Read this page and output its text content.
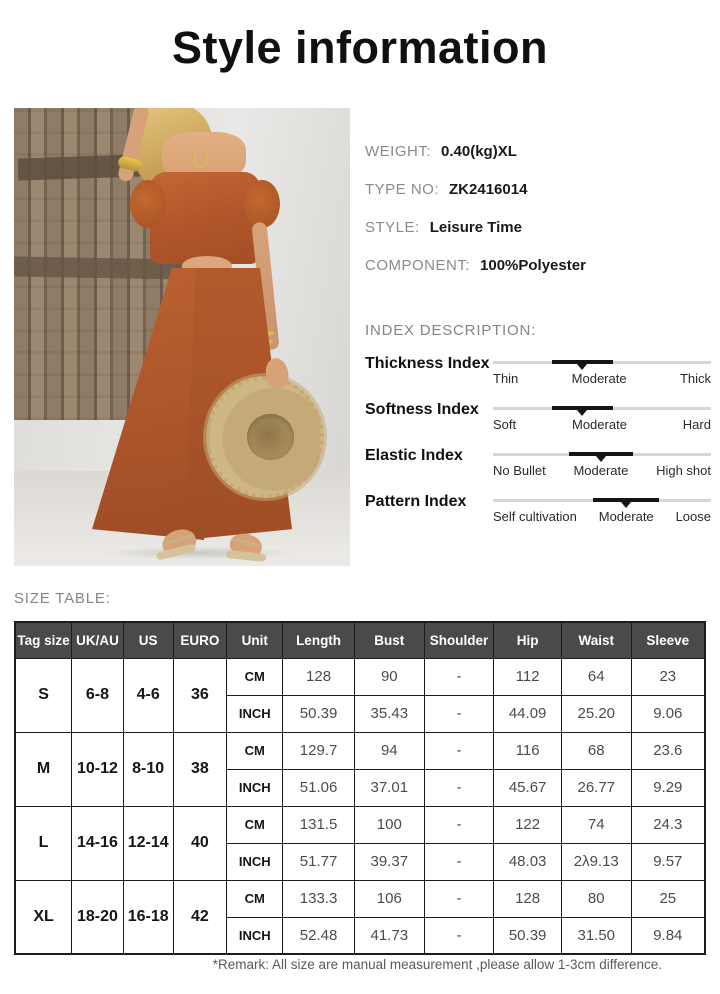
Style information
WEIGHT: 0.40(kg)XL
TYPE NO: ZK2416014
STYLE: Leisure Time
COMPONENT: 100%Polyester
INDEX DESCRIPTION:
Thickness Index
Thin	Moderate	Thick
Softness Index
Soft	Moderate	Hard
Elastic Index
No Bullet Moderate High shot
Pattern Index
Self cultivation Moderate Loose
SIZE TABLE:
Tag size	UK/AU	US	EURO	Unit	Length	Bust	Shoulder	Hip	Waist	Sleeve
S	6-8	4-6	36	CM	128	90	-	112	64	23
				INCH	50.39	35.43	-	44.09	25.20	9.06
M	10-12	8-10	38	CM	129.7	94	-	116	68	23.6
				INCH	51.06	37.01	-	45.67	26.77	9.29
L	14-16	12-14	40	CM	131.5	100	-	122	74	24.3
				INCH	51.77	39.37	-	48.03	2λ9.13	9.57
XL	18-20	16-18	42	CM	133.3	106	-	128	80	25
				INCH	52.48	41.73	-	50.39	31.50	9.84
*Remark: All size are manual measurement ,please allow 1-3cm difference.
